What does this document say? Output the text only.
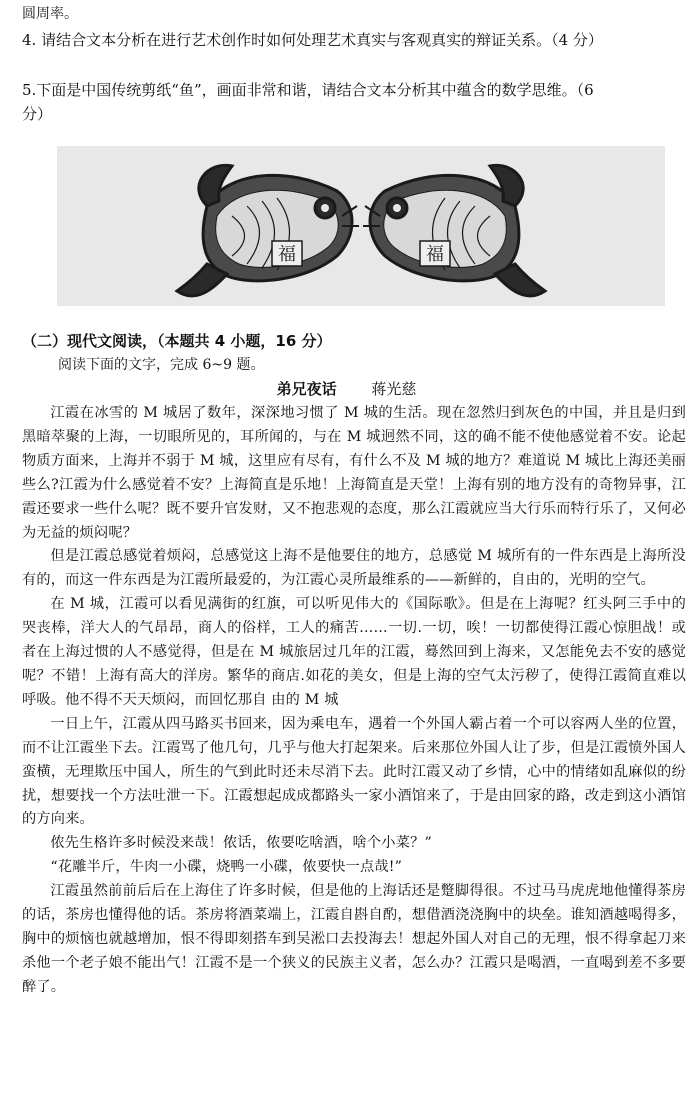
圆周率。
4. 请结合文本分析在进行艺术创作时如何处理艺术真实与客观真实的辩证关系。（4 分）
5.下面是中国传统剪纸“鱼”，画面非常和谐，请结合文本分析其中蕴含的数学思维。（6
分）
福	福
（二）现代文阅读，（本题共 4 小题，16 分）
阅读下面的文字，完成 6~9 题。
弟兄夜话 蒋光慈

江霞在冰雪的 M 城居了数年，深深地习惯了 M 城的生活。现在忽然归到灰色的中国，并且是归到黑暗萃聚的上海，一切眼所见的，耳所闻的，与在 M 城迥然不同，这的确不能不使他感觉着不安。论起物质方面来，上海并不弱于 M 城，这里应有尽有，有什么不及 M 城的地方？难道说 M 城比上海还美丽些么?江霞为什么感觉着不安？上海简直是乐地！上海简直是天堂！上海有别的地方没有的奇物异事，江霞还要求一些什么呢？既不要升官发财，又不抱悲观的态度，那么江霞就应当大行乐而特行乐了，又何必为无益的烦闷呢？

但是江霞总感觉着烦闷，总感觉这上海不是他要住的地方，总感觉 M 城所有的一件东西是上海所没有的，而这一件东西是为江霞所最爱的，为江霞心灵所最维系的——新鲜的，自由的，光明的空气。

在 M 城，江霞可以看见满街的红旗，可以听见伟大的《国际歌》。但是在上海呢？红头阿三手中的哭丧棒，洋大人的气昂昂，商人的俗样，工人的痛苦……一切.一切，唉！一切都使得江霞心惊胆战！或者在上海过惯的人不感觉得，但是在 M 城旅居过几年的江霞，蓦然回到上海来，又怎能免去不安的感觉呢？不错！上海有高大的洋房。繁华的商店.如花的美女，但是上海的空气太污秽了，使得江霞简直难以呼吸。他不得不天天烦闷，而回忆那自 由的 M 城

一日上午，江霞从四马路买书回来，因为乘电车，遇着一个外国人霸占着一个可以容两人坐的位置，而不让江霞坐下去。江霞骂了他几句，几乎与他大打起架来。后来那位外国人让了步，但是江霞愤外国人蛮横，无理欺压中国人，所生的气到此时还未尽消下去。此时江霞又动了乡情，心中的情绪如乱麻似的纷扰，想要找一个方法吐泄一下。江霞想起成成都路头一家小酒馆来了，于是由回家的路，改走到这小酒馆的方向来。

侬先生格许多时候没来哉！侬话，侬要吃啥酒，啥个小菜？”

“花雕半斤，牛肉一小碟，烧鸭一小碟，侬要快一点哉!”

江霞虽然前前后后在上海住了许多时候，但是他的上海话还是蹩脚得很。不过马马虎虎地他懂得茶房的话，茶房也懂得他的话。茶房将酒菜端上，江霞自斟自酌，想借酒浇浇胸中的块垒。谁知酒越喝得多，胸中的烦恼也就越增加，恨不得即刻搭车到吴淞口去投海去！想起外国人对自己的无理，恨不得拿起刀来杀他一个老子娘不能出气！江霞不是一个狭义的民族主义者，怎么办？江霞只是喝酒，一直喝到差不多要醉了。
